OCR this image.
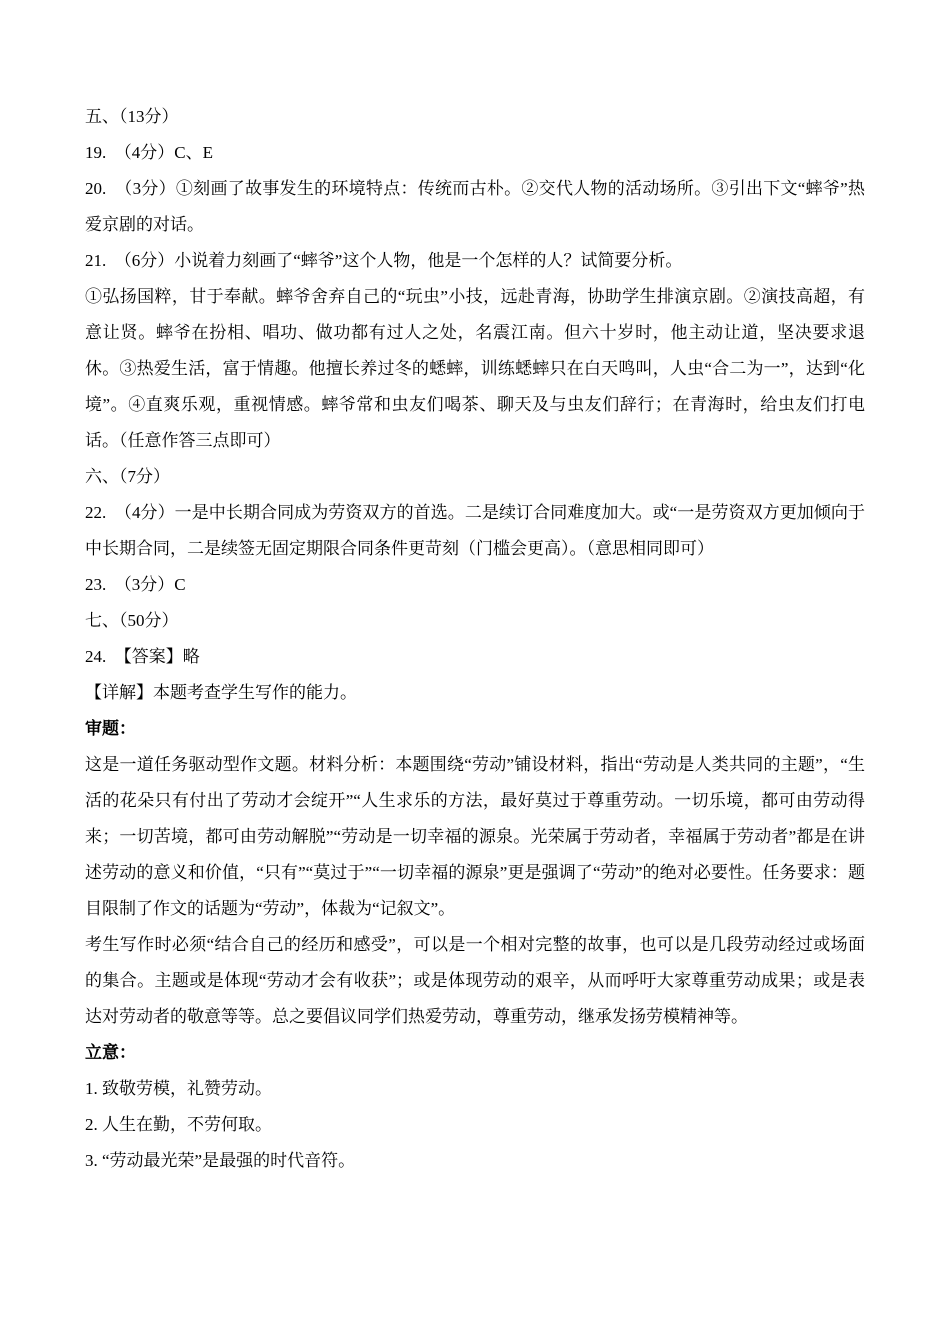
五、（13分）

19.　（4分）C、E

20.　（3分）①刻画了故事发生的环境特点：传统而古朴。②交代人物的活动场所。③引出下文“蟀爷”热爱京剧的对话。

21.　（6分）小说着力刻画了“蟀爷”这个人物，他是一个怎样的人？试简要分析。

①弘扬国粹，甘于奉献。蟀爷舍弃自己的“玩虫”小技，远赴青海，协助学生排演京剧。②演技高超，有意让贤。蟀爷在扮相、唱功、做功都有过人之处，名震江南。但六十岁时，他主动让道，坚决要求退休。③热爱生活，富于情趣。他擅长养过冬的蟋蟀，训练蟋蟀只在白天鸣叫，人虫“合二为一”，达到“化境”。④直爽乐观，重视情感。蟀爷常和虫友们喝茶、聊天及与虫友们辞行；在青海时，给虫友们打电话。（任意作答三点即可）

六、（7分）

22.　（4分）一是中长期合同成为劳资双方的首选。二是续订合同难度加大。或“一是劳资双方更加倾向于中长期合同，二是续签无固定期限合同条件更苛刻（门槛会更高）。（意思相同即可）

23.　（3分）C

七、（50分）

24.　【答案】略

【详解】本题考查学生写作的能力。

审题：

这是一道任务驱动型作文题。材料分析：本题围绕“劳动”铺设材料，指出“劳动是人类共同的主题”，“生活的花朵只有付出了劳动才会绽开”“人生求乐的方法，最好莫过于尊重劳动。一切乐境，都可由劳动得来；一切苦境，都可由劳动解脱”“劳动是一切幸福的源泉。光荣属于劳动者，幸福属于劳动者”都是在讲述劳动的意义和价值，“只有”“莫过于”“一切幸福的源泉”更是强调了“劳动”的绝对必要性。任务要求：题目限制了作文的话题为“劳动”，体裁为“记叙文”。

考生写作时必须“结合自己的经历和感受”，可以是一个相对完整的故事，也可以是几段劳动经过或场面的集合。主题或是体现“劳动才会有收获”；或是体现劳动的艰辛，从而呼吁大家尊重劳动成果；或是表达对劳动者的敬意等等。总之要倡议同学们热爱劳动，尊重劳动，继承发扬劳模精神等。

立意：

1. 致敬劳模，礼赞劳动。

2. 人生在勤，不劳何取。

3. “劳动最光荣”是最强的时代音符。
